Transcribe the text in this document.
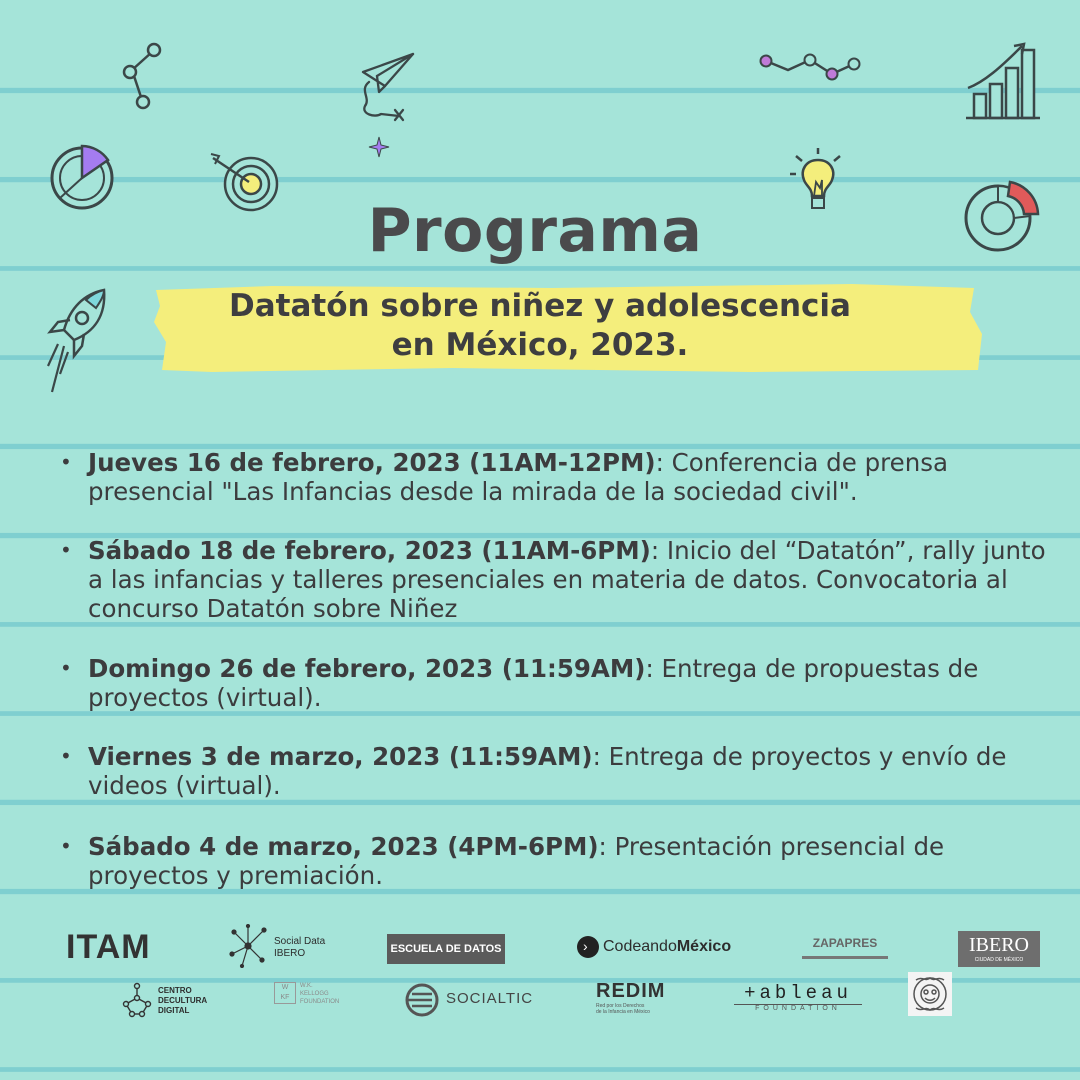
Programa
Datatón sobre niñez y adolescencia
en México, 2023.
• Jueves 16 de febrero, 2023 (11AM-12PM): Conferencia de prensa presencial "Las Infancias desde la mirada de la sociedad civil".
• Sábado 18 de febrero, 2023 (11AM-6PM): Inicio del “Datatón”, rally junto a las infancias y talleres presenciales en materia de datos. Convocatoria al concurso Datatón sobre Niñez
• Domingo 26 de febrero, 2023 (11:59AM): Entrega de propuestas de proyectos (virtual).
• Viernes 3 de marzo, 2023 (11:59AM): Entrega de proyectos y envío de videos (virtual).
• Sábado 4 de marzo, 2023 (4PM-6PM): Presentación presencial de proyectos y premiación.
ITAM	Social Data
IBERO	ESCUELA DE DATOS	› CodeandoMéxico	ZAPAPRES	IBERO
CIUDAD DE MÉXICO
CENTRO
DECULTURA
DIGITAL
W
KF
W.K.
KELLOGG
FOUNDATION	SOCIALTIC	REDIM
Red por los Derechos
de la Infancia en México
+ableau
FOUNDATION
